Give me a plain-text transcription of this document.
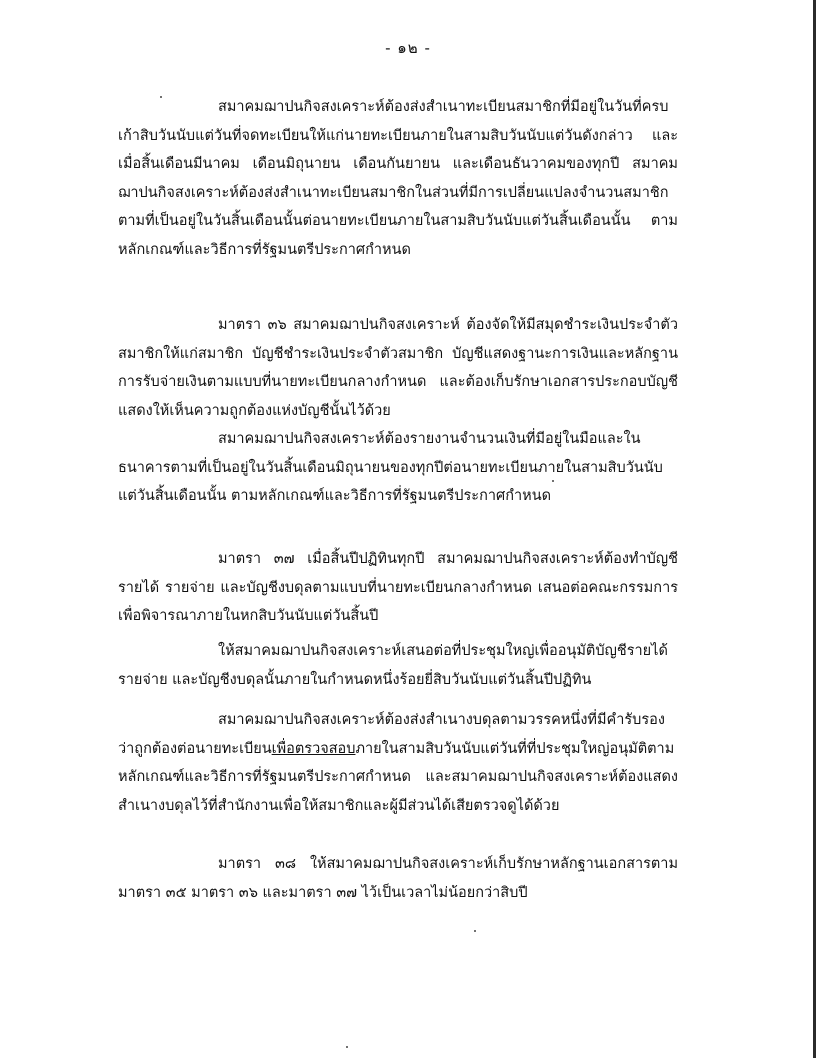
- ๑๒ -

สมาคมฌาปนกิจสงเคราะห์ต้องส่งสำเนาทะเบียนสมาชิกที่มีอยู่ในวันที่ครบเก้าสิบวันนับแต่วันที่จดทะเบียนให้แก่นายทะเบียนภายในสามสิบวันนับแต่วันดังกล่าว และเมื่อสิ้นเดือนมีนาคม เดือนมิถุนายน เดือนกันยายน และเดือนธันวาคมของทุกปี สมาคมฌาปนกิจสงเคราะห์ต้องส่งสำเนาทะเบียนสมาชิกในส่วนที่มีการเปลี่ยนแปลงจำนวนสมาชิกตามที่เป็นอยู่ในวันสิ้นเดือนนั้นต่อนายทะเบียนภายในสามสิบวันนับแต่วันสิ้นเดือนนั้น ตามหลักเกณฑ์และวิธีการที่รัฐมนตรีประกาศกำหนด

มาตรา ๓๖ สมาคมฌาปนกิจสงเคราะห์ ต้องจัดให้มีสมุดชำระเงินประจำตัวสมาชิกให้แก่สมาชิก บัญชีชำระเงินประจำตัวสมาชิก บัญชีแสดงฐานะการเงินและหลักฐานการรับจ่ายเงินตามแบบที่นายทะเบียนกลางกำหนด และต้องเก็บรักษาเอกสารประกอบบัญชีแสดงให้เห็นความถูกต้องแห่งบัญชีนั้นไว้ด้วย

สมาคมฌาปนกิจสงเคราะห์ต้องรายงานจำนวนเงินที่มีอยู่ในมือและในธนาคารตามที่เป็นอยู่ในวันสิ้นเดือนมิถุนายนของทุกปีต่อนายทะเบียนภายในสามสิบวันนับแต่วันสิ้นเดือนนั้น ตามหลักเกณฑ์และวิธีการที่รัฐมนตรีประกาศกำหนด

มาตรา ๓๗ เมื่อสิ้นปีปฏิทินทุกปี สมาคมฌาปนกิจสงเคราะห์ต้องทำบัญชีรายได้ รายจ่าย และบัญชีงบดุลตามแบบที่นายทะเบียนกลางกำหนด เสนอต่อคณะกรรมการเพื่อพิจารณาภายในหกสิบวันนับแต่วันสิ้นปี

ให้สมาคมฌาปนกิจสงเคราะห์เสนอต่อที่ประชุมใหญ่เพื่ออนุมัติบัญชีรายได้รายจ่าย และบัญชีงบดุลนั้นภายในกำหนดหนึ่งร้อยยี่สิบวันนับแต่วันสิ้นปีปฏิทิน

สมาคมฌาปนกิจสงเคราะห์ต้องส่งสำเนางบดุลตามวรรคหนึ่งที่มีคำรับรองว่าถูกต้องต่อนายทะเบียนเพื่อตรวจสอบภายในสามสิบวันนับแต่วันที่ที่ประชุมใหญ่อนุมัติตามหลักเกณฑ์และวิธีการที่รัฐมนตรีประกาศกำหนด และสมาคมฌาปนกิจสงเคราะห์ต้องแสดงสำเนางบดุลไว้ที่สำนักงานเพื่อให้สมาชิกและผู้มีส่วนได้เสียตรวจดูได้ด้วย

มาตรา ๓๘ ให้สมาคมฌาปนกิจสงเคราะห์เก็บรักษาหลักฐานเอกสารตามมาตรา ๓๕ มาตรา ๓๖ และมาตรา ๓๗ ไว้เป็นเวลาไม่น้อยกว่าสิบปี
